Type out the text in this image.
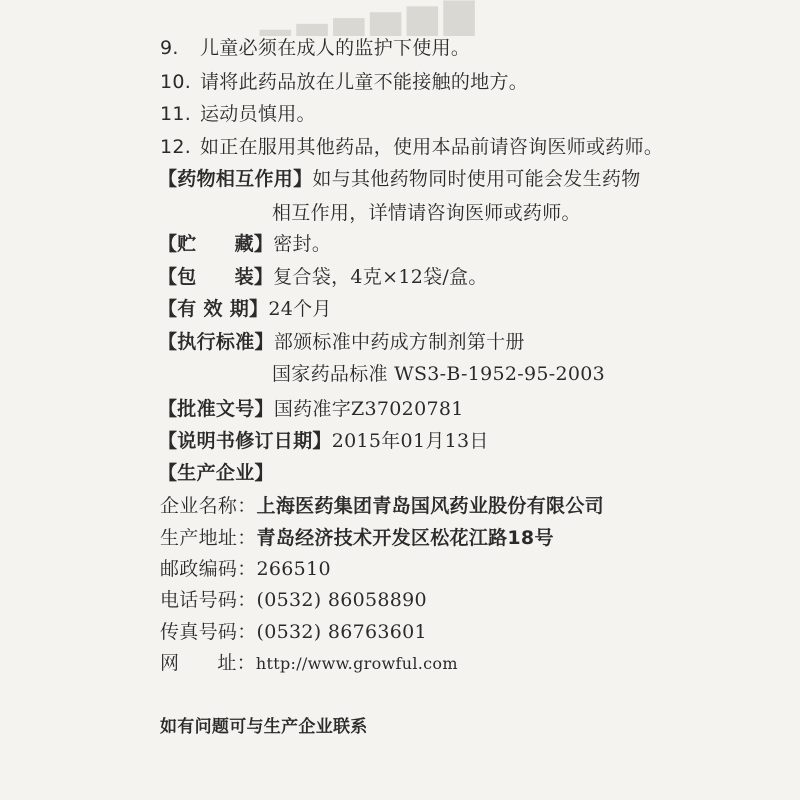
▁▂▃▄▅▆
9. 儿童必须在成人的监护下使用。
10. 请将此药品放在儿童不能接触的地方。
11. 运动员慎用。
12. 如正在服用其他药品，使用本品前请咨询医师或药师。
【药物相互作用】如与其他药物同时使用可能会发生药物
相互作用，详情请咨询医师或药师。
【贮 藏】密封。
【包 装】复合袋，4克×12袋/盒。
【有 效 期】24个月
【执行标准】部颁标准中药成方制剂第十册
国家药品标准 WS3-B-1952-95-2003
【批准文号】国药准字Z37020781
【说明书修订日期】2015年01月13日
【生产企业】
企业名称：上海医药集团青岛国风药业股份有限公司
生产地址：青岛经济技术开发区松花江路18号
邮政编码：266510
电话号码：(0532) 86058890
传真号码：(0532) 86763601
网 址：http://www.growful.com
如有问题可与生产企业联系
